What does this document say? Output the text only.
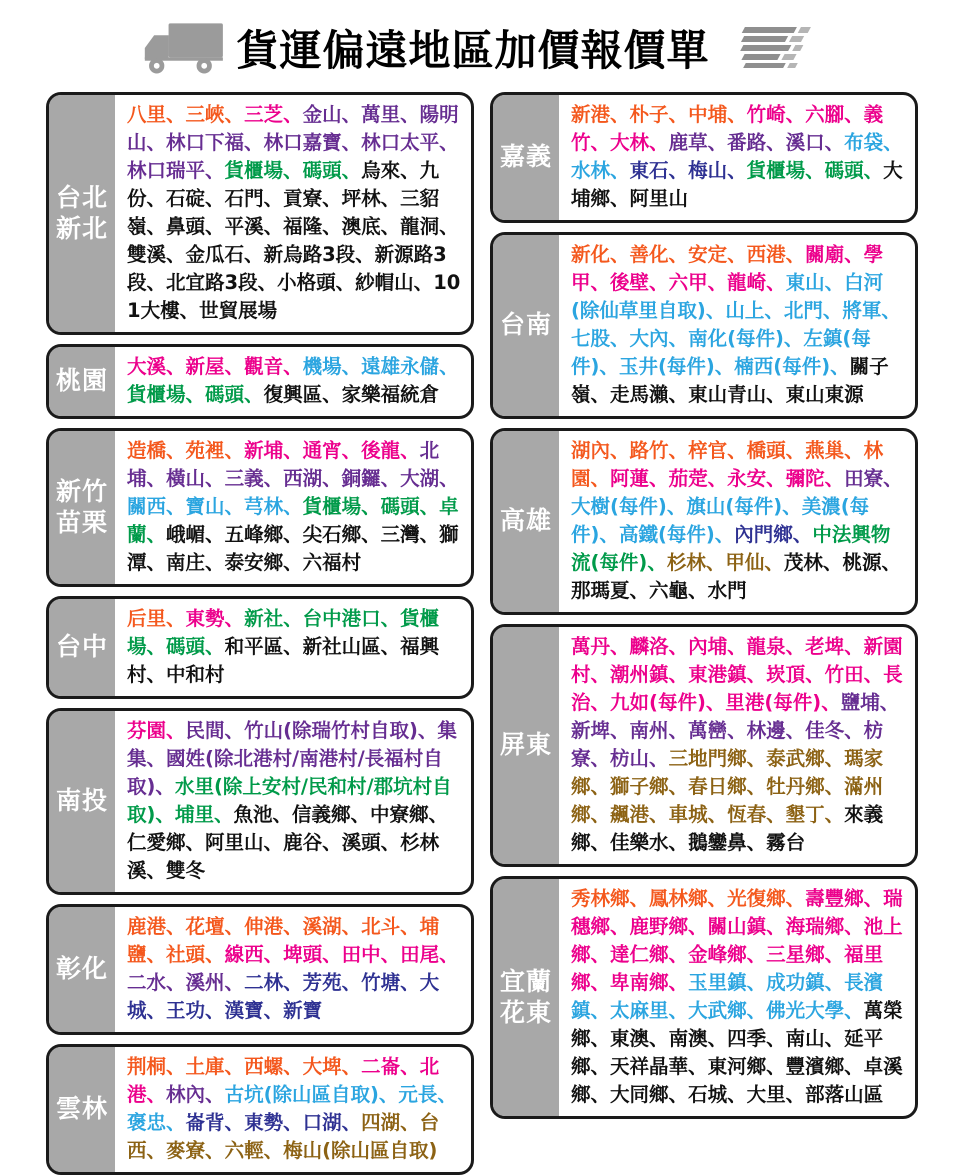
貨運偏遠地區加價報價單
台北
新北
八里、三峽、三芝、金山、萬里、陽明山、林口下福、林口嘉寶、林口太平、林口瑞平、貨櫃場、碼頭、烏來、九份、石碇、石門、貢寮、坪林、三貂嶺、鼻頭、平溪、福隆、澳底、龍洞、雙溪、金瓜石、新烏路3段、新源路3段、北宜路3段、小格頭、紗帽山、101大樓、世貿展場
桃園 大溪、新屋、觀音、機場、遠雄永儲、貨櫃場、碼頭、復興區、家樂福統倉
新竹
苗栗
造橋、苑裡、新埔、通宵、後龍、北埔、橫山、三義、西湖、銅鑼、大湖、關西、寶山、芎林、貨櫃場、碼頭、卓蘭、峨嵋、五峰鄉、尖石鄉、三灣、獅潭、南庄、泰安鄉、六福村
台中
后里、東勢、新社、台中港口、貨櫃場、碼頭、和平區、新社山區、福興村、中和村
南投
芬園、民間、竹山(除瑞竹村自取)、集集、國姓(除北港村/南港村/長福村自取)、水里(除上安村/民和村/郡坑村自取)、埔里、魚池、信義鄉、中寮鄉、仁愛鄉、阿里山、鹿谷、溪頭、杉林溪、雙冬
彰化
鹿港、花壇、伸港、溪湖、北斗、埔鹽、社頭、線西、埤頭、田中、田尾、二水、溪州、二林、芳苑、竹塘、大城、王功、漢寶、新寶
雲林
荆桐、土庫、西螺、大埤、二崙、北港、林內、古坑(除山區自取)、元長、褒忠、崙背、東勢、口湖、四湖、台西、麥寮、六輕、梅山(除山區自取)
嘉義
新港、朴子、中埔、竹崎、六腳、義竹、大林、鹿草、番路、溪口、布袋、水林、東石、梅山、貨櫃場、碼頭、大埔鄉、阿里山
台南
新化、善化、安定、西港、關廟、學甲、後壁、六甲、龍崎、東山、白河(除仙草里自取)、山上、北門、將軍、七股、大內、南化(每件)、左鎮(每件)、玉井(每件)、楠西(每件)、關子嶺、走馬瀨、東山青山、東山東源
高雄
湖內、路竹、梓官、橋頭、燕巢、林園、阿蓮、茄萣、永安、彌陀、田寮、大樹(每件)、旗山(每件)、美濃(每件)、高鐵(每件)、內門鄉、中法興物流(每件)、杉林、甲仙、茂林、桃源、那瑪夏、六龜、水門
屏東
萬丹、麟洛、內埔、龍泉、老埤、新園村、潮州鎮、東港鎮、崁頂、竹田、長治、九如(每件)、里港(每件)、鹽埔、新埤、南州、萬巒、林邊、佳冬、枋寮、枋山、三地門鄉、泰武鄉、瑪家鄉、獅子鄉、春日鄉、牡丹鄉、滿州鄉、飆港、車城、恆春、墾丁、來義鄉、佳樂水、鵝鑾鼻、霧台
宜蘭
花東
秀林鄉、鳳林鄉、光復鄉、壽豐鄉、瑞穗鄉、鹿野鄉、關山鎮、海瑞鄉、池上鄉、達仁鄉、金峰鄉、三星鄉、福里鄉、卑南鄉、玉里鎮、成功鎮、長濱鎮、太麻里、大武鄉、佛光大學、萬榮鄉、東澳、南澳、四季、南山、延平鄉、天祥晶華、東河鄉、豐濱鄉、卓溪鄉、大同鄉、石城、大里、部落山區
